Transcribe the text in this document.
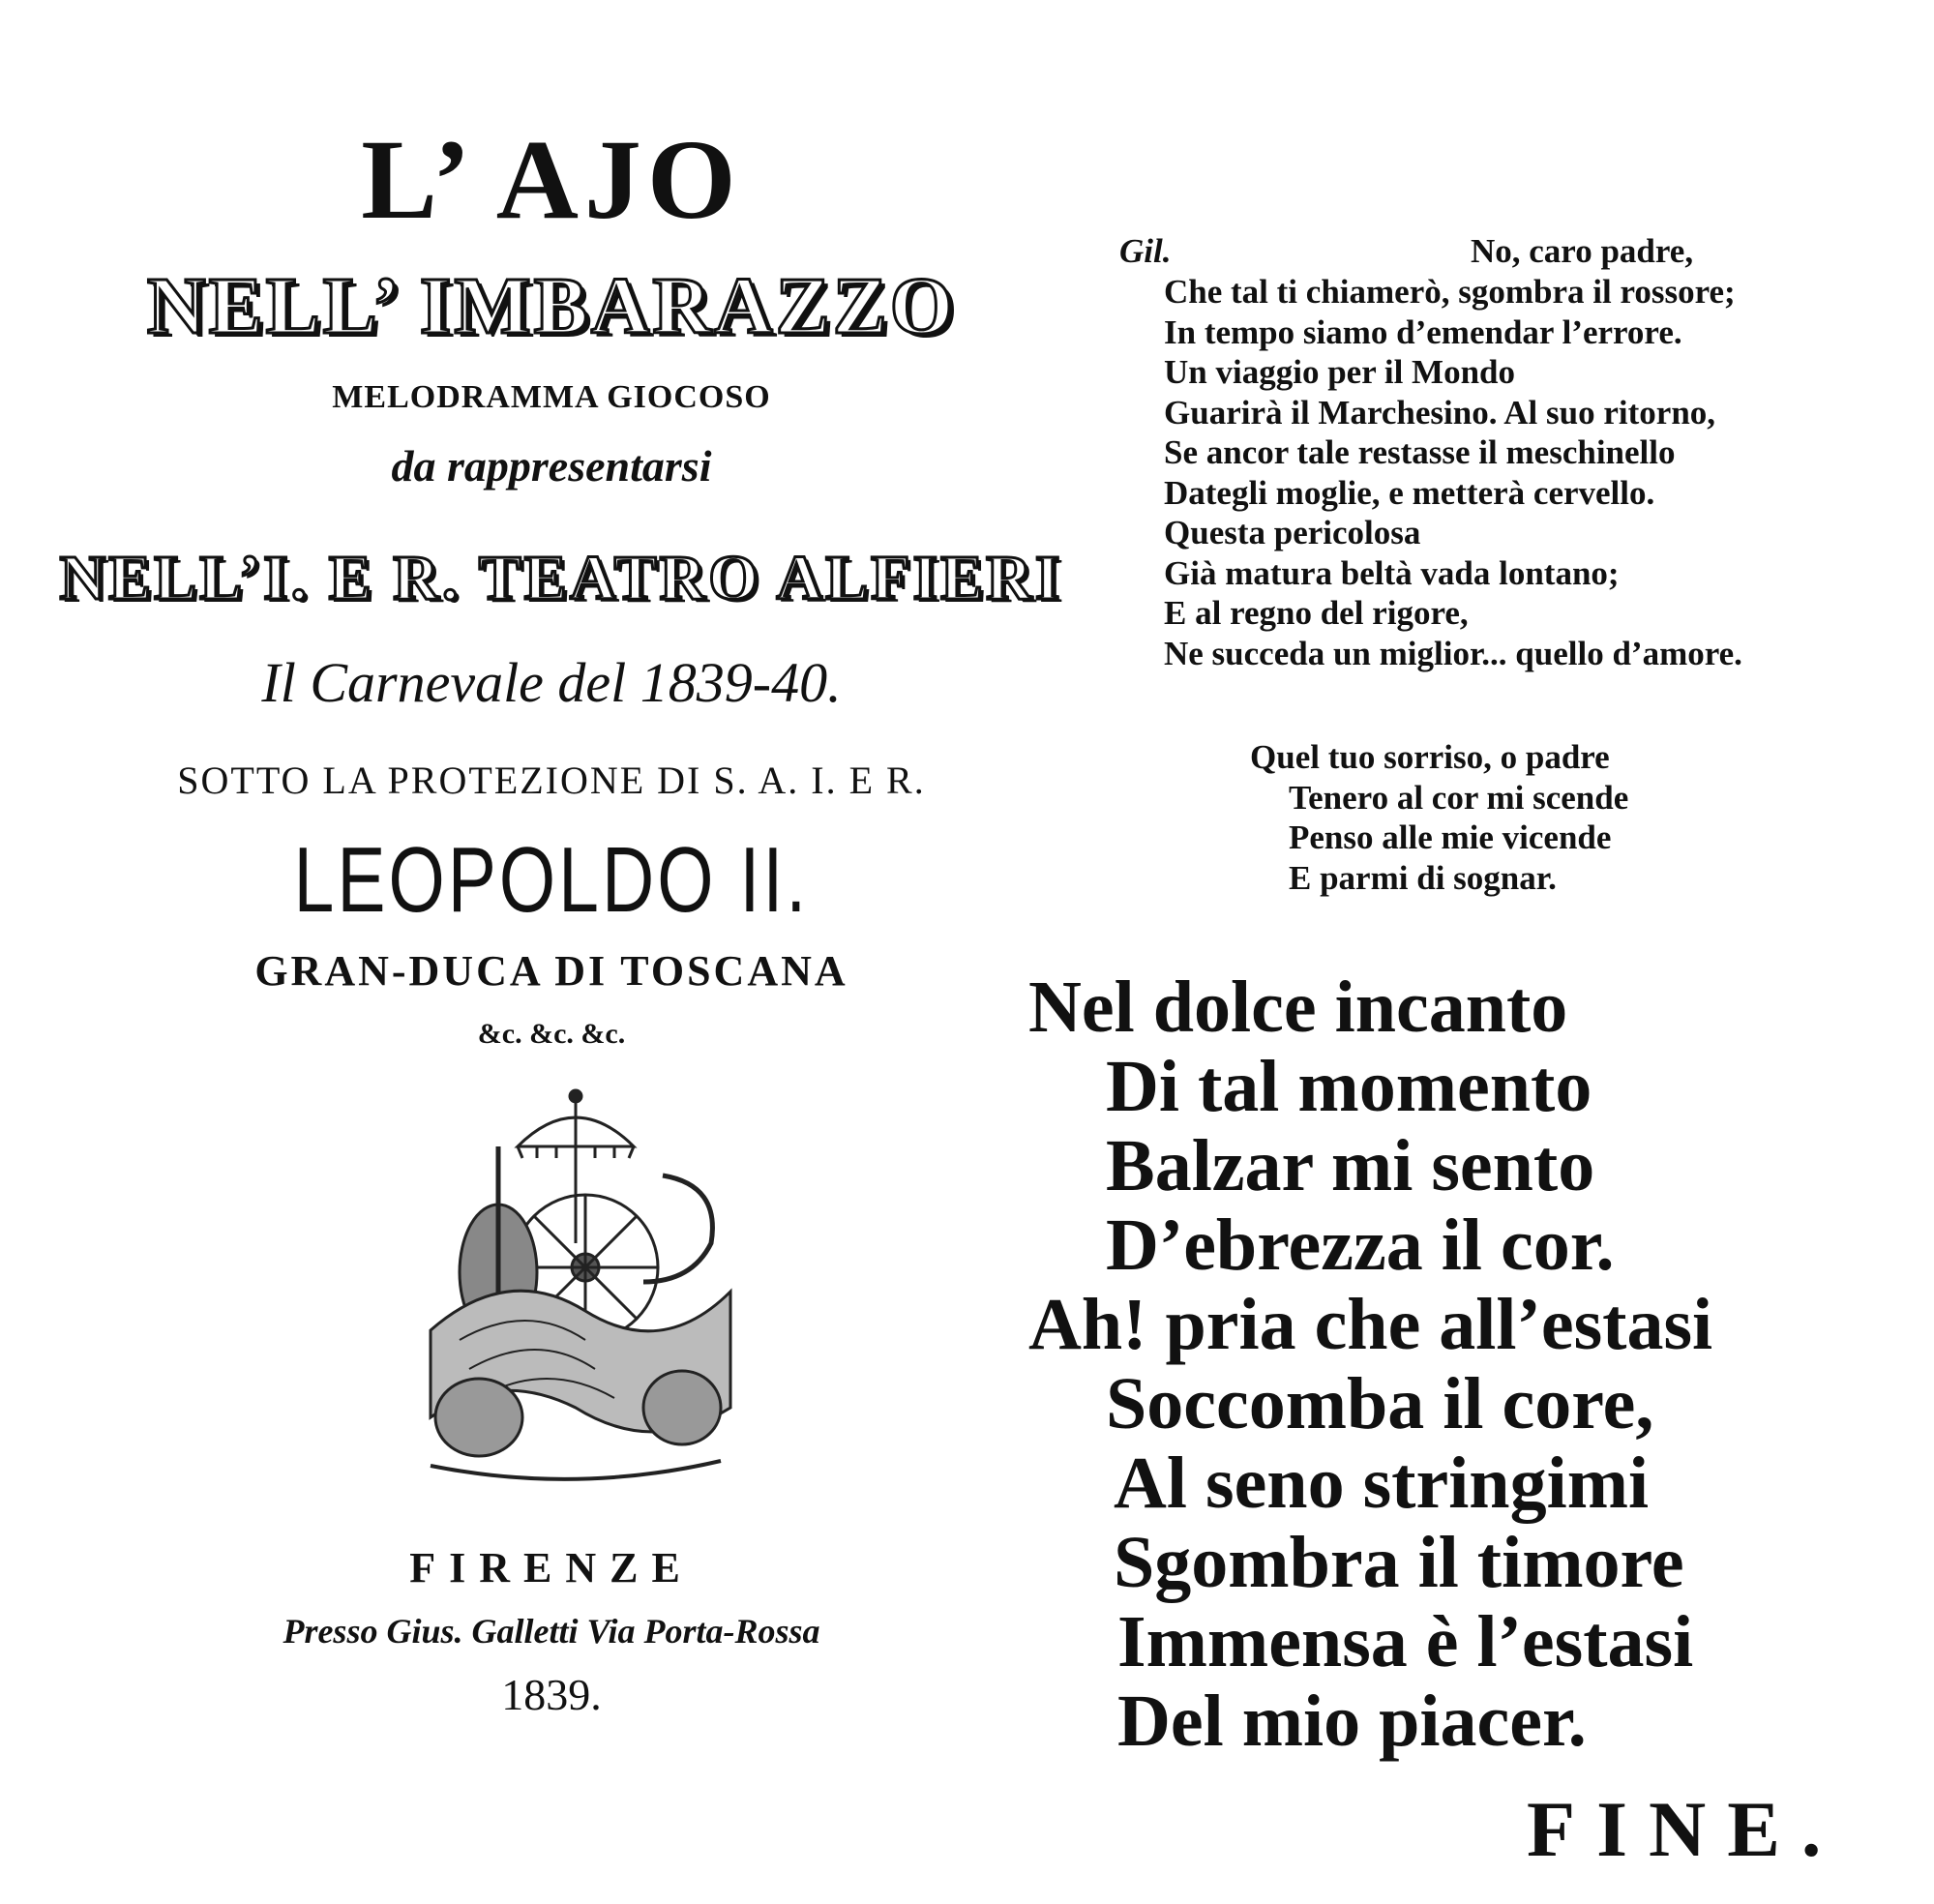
L’ AJO
NELL’ IMBARAZZO
MELODRAMMA GIOCOSO
da rappresentarsi
NELL’I. E R. TEATRO ALFIERI
Il Carnevale del 1839-40.
SOTTO LA PROTEZIONE DI S. A. I. E R.
LEOPOLDO II.
GRAN-DUCA DI TOSCANA
&c. &c. &c.
FIRENZE
Presso Gius. Galletti Via Porta-Rossa
1839.
Gil.	No, caro padre,
Che tal ti chiamerò, sgombra il rossore;
In tempo siamo d’emendar l’errore.
Un viaggio per il Mondo
Guarirà il Marchesino. Al suo ritorno,
Se ancor tale restasse il meschinello
Dategli moglie, e metterà cervello.
Questa pericolosa
Già matura beltà vada lontano;
E al regno del rigore,
Ne succeda un miglior... quello d’amore.
Quel tuo sorriso, o padre
Tenero al cor mi scende
Penso alle mie vicende
E parmi di sognar.
Nel dolce incanto
Di tal momento
Balzar mi sento
D’ebrezza il cor.
Ah! pria che all’estasi
Soccomba il core,
Al seno stringimi
Sgombra il timore
Immensa è l’estasi
Del mio piacer.
FINE.
